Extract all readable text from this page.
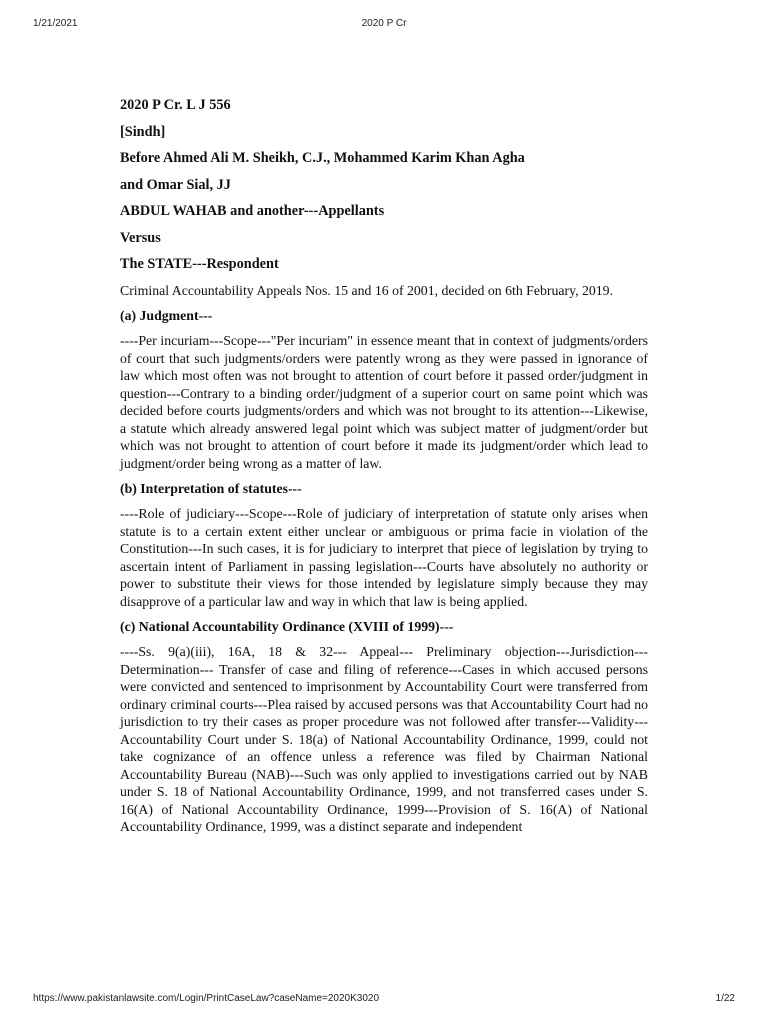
1/21/2021	2020 P Cr

2020 P Cr. L J 556

[Sindh]

Before Ahmed Ali M. Sheikh, C.J., Mohammed Karim Khan Agha

and Omar Sial, JJ

ABDUL WAHAB and another---Appellants

Versus

The STATE---Respondent

Criminal Accountability Appeals Nos. 15 and 16 of 2001, decided on 6th February, 2019.

(a) Judgment---

----Per incuriam---Scope---"Per incuriam" in essence meant that in context of judgments/orders of court that such judgments/orders were patently wrong as they were passed in ignorance of law which most often was not brought to attention of court before it passed order/judgment in question---Contrary to a binding order/judgment of a superior court on same point which was decided before courts judgments/orders and which was not brought to its attention---Likewise, a statute which already answered legal point which was subject matter of judgment/order but which was not brought to attention of court before it made its judgment/order which lead to judgment/order being wrong as a matter of law.

(b) Interpretation of statutes---

----Role of judiciary---Scope---Role of judiciary of interpretation of statute only arises when statute is to a certain extent either unclear or ambiguous or prima facie in violation of the Constitution---In such cases, it is for judiciary to interpret that piece of legislation by trying to ascertain intent of Parliament in passing legislation---Courts have absolutely no authority or power to substitute their views for those intended by legislature simply because they may disapprove of a particular law and way in which that law is being applied.

(c) National Accountability Ordinance (XVIII of 1999)---

----Ss. 9(a)(iii), 16A, 18 & 32--- Appeal--- Preliminary objection---Jurisdiction---Determination--- Transfer of case and filing of reference---Cases in which accused persons were convicted and sentenced to imprisonment by Accountability Court were transferred from ordinary criminal courts---Plea raised by accused persons was that Accountability Court had no jurisdiction to try their cases as proper procedure was not followed after transfer---Validity---Accountability Court under S. 18(a) of National Accountability Ordinance, 1999, could not take cognizance of an offence unless a reference was filed by Chairman National Accountability Bureau (NAB)---Such was only applied to investigations carried out by NAB under S. 18 of National Accountability Ordinance, 1999, and not transferred cases under S. 16(A) of National Accountability Ordinance, 1999---Provision of S. 16(A) of National Accountability Ordinance, 1999, was a distinct separate and independent

https://www.pakistanlawsite.com/Login/PrintCaseLaw?caseName=2020K3020	1/22
